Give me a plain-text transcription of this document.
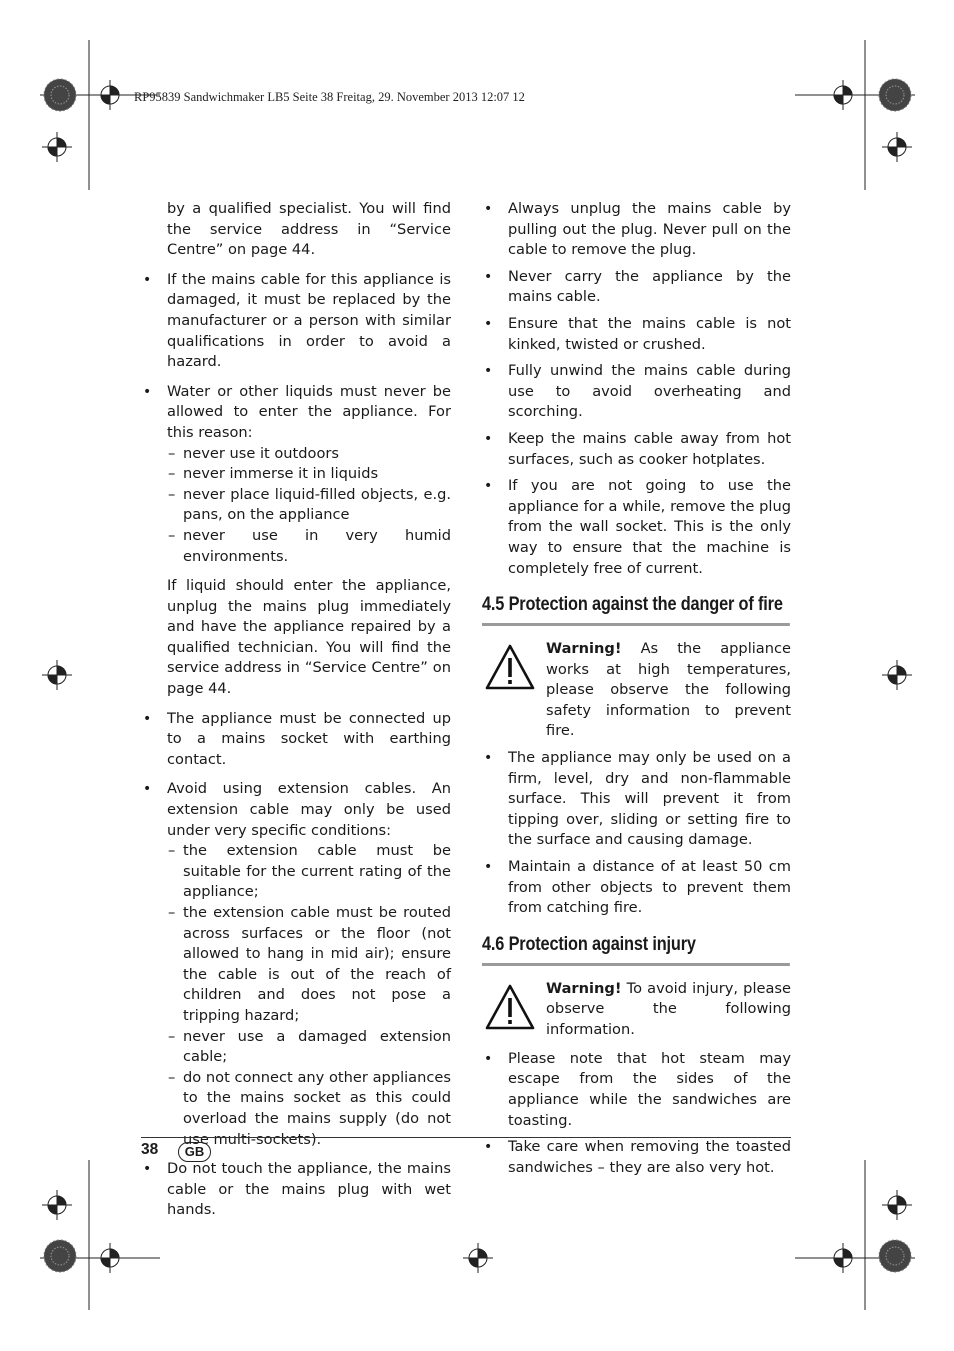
RP95839 Sandwichmaker LB5 Seite 38 Freitag, 29. November 2013 12:07 12

by a qualified specialist. You will find the service address in “Service Centre” on page 44.

• If the mains cable for this appliance is damaged, it must be replaced by the manufacturer or a person with similar qualifications in order to avoid a hazard.

• Water or other liquids must never be allowed to enter the appliance. For this reason:

– never use it outdoors

– never immerse it in liquids

– never place liquid-filled objects, e.g. pans, on the appliance

– never use in very humid environments.

If liquid should enter the appliance, unplug the mains plug immediately and have the appliance repaired by a qualified technician. You will find the service address in “Service Centre” on page 44.

• The appliance must be connected up to a mains socket with earthing contact.

• Avoid using extension cables. An extension cable may only be used under very specific conditions:

– the extension cable must be suitable for the current rating of the appliance;

– the extension cable must be routed across surfaces or the floor (not allowed to hang in mid air); ensure the cable is out of the reach of children and does not pose a tripping hazard;

– never use a damaged extension cable;

– do not connect any other appliances to the mains socket as this could overload the mains supply (do not use multi-sockets).

• Do not touch the appliance, the mains cable or the mains plug with wet hands.

• Always unplug the mains cable by pulling out the plug. Never pull on the cable to remove the plug.

• Never carry the appliance by the mains cable.

• Ensure that the mains cable is not kinked, twisted or crushed.

• Fully unwind the mains cable during use to avoid overheating and scorching.

• Keep the mains cable away from hot surfaces, such as cooker hotplates.

• If you are not going to use the appliance for a while, remove the plug from the wall socket. This is the only way to ensure that the machine is completely free of current.

4.5 Protection against the danger of fire

Warning! As the appliance works at high temperatures, please observe the following safety information to prevent fire.

• The appliance may only be used on a firm, level, dry and non-flammable surface. This will prevent it from tipping over, sliding or setting fire to the surface and causing damage.

• Maintain a distance of at least 50 cm from other objects to prevent them from catching fire.

4.6 Protection against injury

Warning! To avoid injury, please observe the following information.

• Please note that hot steam may escape from the sides of the appliance while the sandwiches are toasting.

• Take care when removing the toasted sandwiches – they are also very hot.

38	GB
